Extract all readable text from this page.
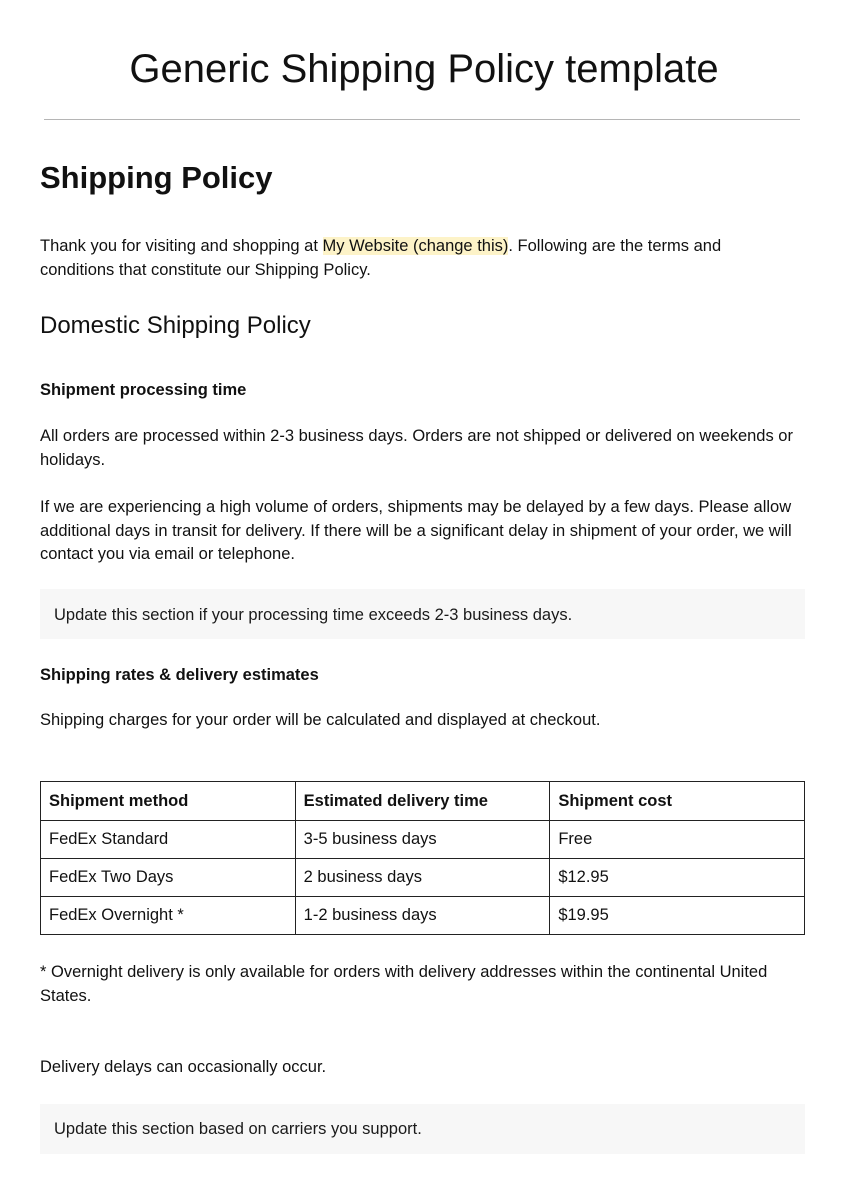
Generic Shipping Policy template
Shipping Policy

Thank you for visiting and shopping at My Website (change this). Following are the terms and conditions that constitute our Shipping Policy.

Domestic Shipping Policy
Shipment processing time

All orders are processed within 2-3 business days. Orders are not shipped or delivered on weekends or holidays.

If we are experiencing a high volume of orders, shipments may be delayed by a few days. Please allow additional days in transit for delivery. If there will be a significant delay in shipment of your order, we will contact you via email or telephone.

Update this section if your processing time exceeds 2-3 business days.
Shipping rates & delivery estimates

Shipping charges for your order will be calculated and displayed at checkout.

Shipment method	Estimated delivery time	Shipment cost
FedEx Standard	3-5 business days	Free
FedEx Two Days	2 business days	$12.95
FedEx Overnight *	1-2 business days	$19.95

* Overnight delivery is only available for orders with delivery addresses within the continental United States.

Delivery delays can occasionally occur.

Update this section based on carriers you support.
